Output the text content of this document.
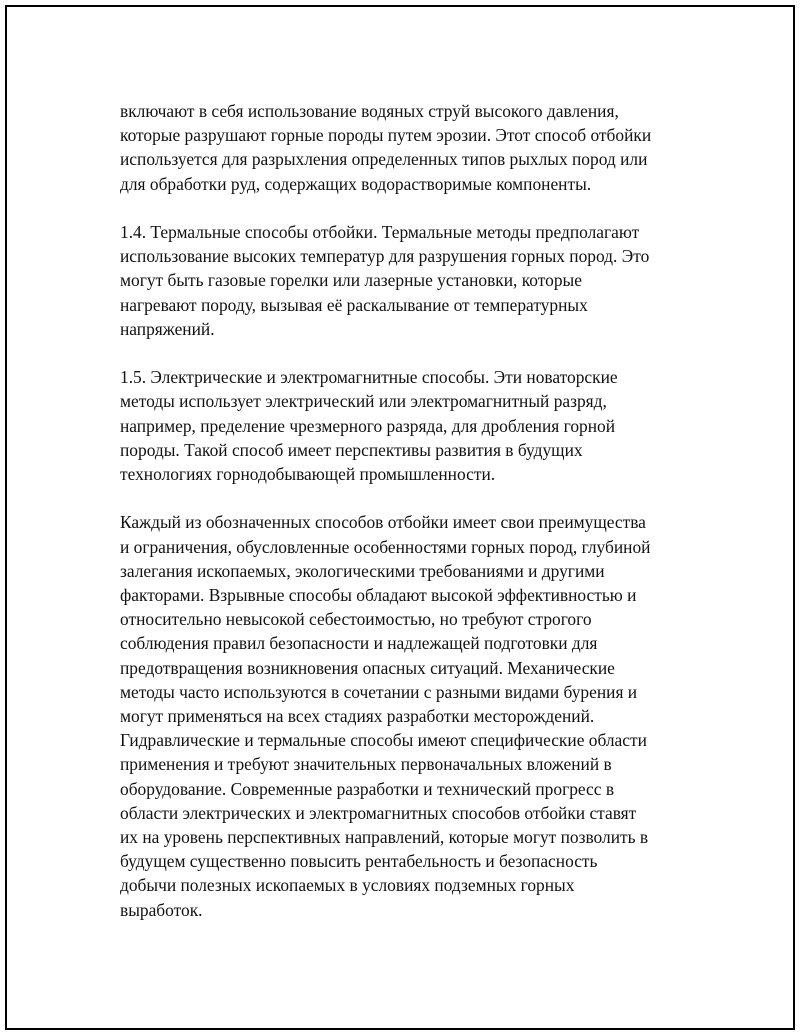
включают в себя использование водяных струй высокого давления,
которые разрушают горные породы путем эрозии. Этот способ отбойки
используется для разрыхления определенных типов рыхлых пород или
для обработки руд, содержащих водорастворимые компоненты.

1.4. Термальные способы отбойки. Термальные методы предполагают
использование высоких температур для разрушения горных пород. Это
могут быть газовые горелки или лазерные установки, которые
нагревают породу, вызывая её раскалывание от температурных
напряжений.

1.5. Электрические и электромагнитные способы. Эти новаторские
методы использует электрический или электромагнитный разряд,
например, пределение чрезмерного разряда, для дробления горной
породы. Такой способ имеет перспективы развития в будущих
технологиях горнодобывающей промышленности.

Каждый из обозначенных способов отбойки имеет свои преимущества
и ограничения, обусловленные особенностями горных пород, глубиной
залегания ископаемых, экологическими требованиями и другими
факторами. Взрывные способы обладают высокой эффективностью и
относительно невысокой себестоимостью, но требуют строгого
соблюдения правил безопасности и надлежащей подготовки для
предотвращения возникновения опасных ситуаций. Механические
методы часто используются в сочетании с разными видами бурения и
могут применяться на всех стадиях разработки месторождений.
Гидравлические и термальные способы имеют специфические области
применения и требуют значительных первоначальных вложений в
оборудование. Современные разработки и технический прогресс в
области электрических и электромагнитных способов отбойки ставят
их на уровень перспективных направлений, которые могут позволить в
будущем существенно повысить рентабельность и безопасность
добычи полезных ископаемых в условиях подземных горных
выработок.
